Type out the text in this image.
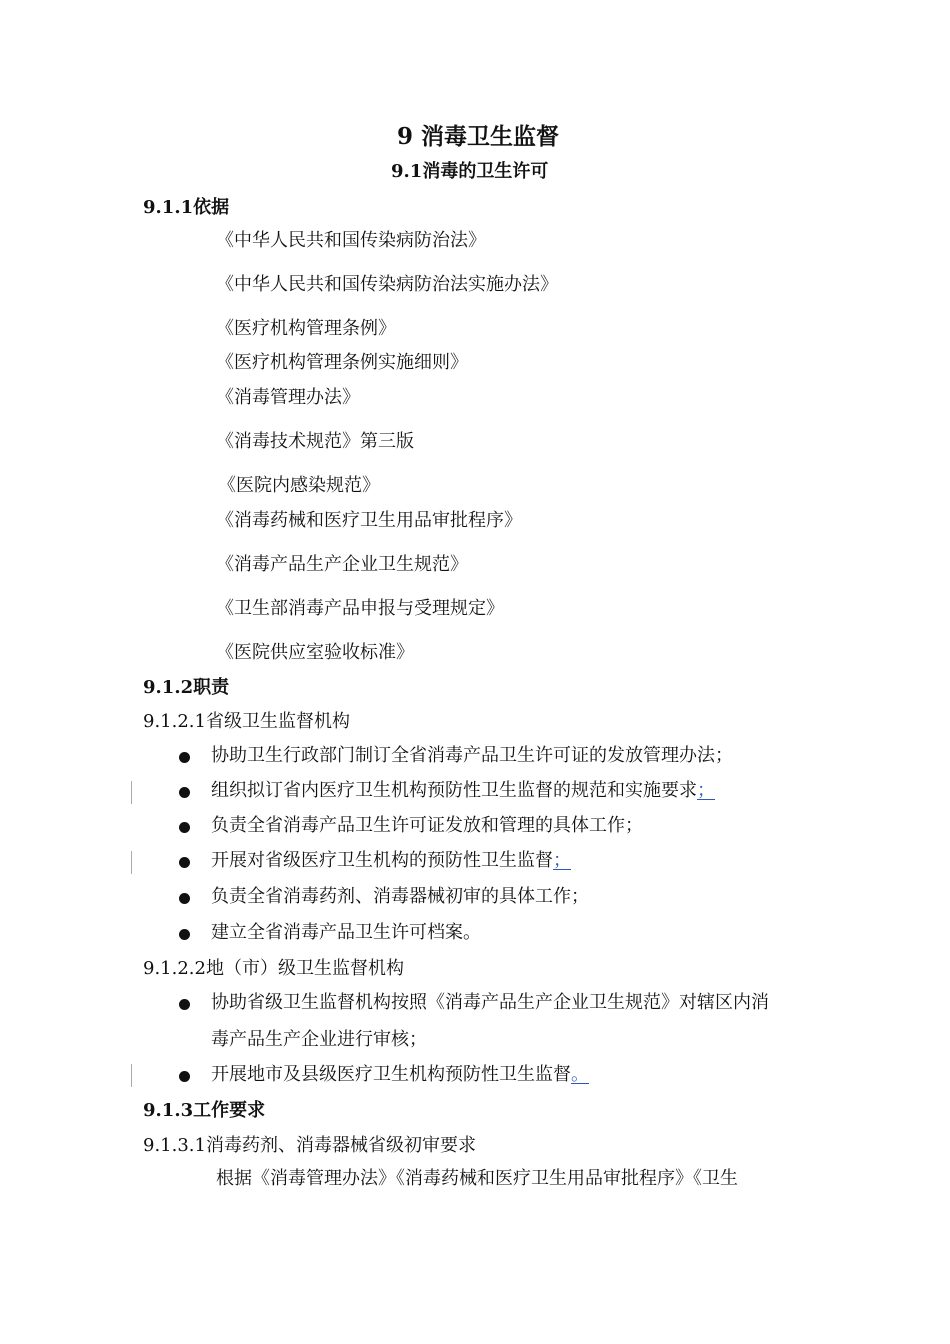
9 消毒卫生监督
9.1消毒的卫生许可
9.1.1依据
《中华人民共和国传染病防治法》
《中华人民共和国传染病防治法实施办法》
《医疗机构管理条例》
《医疗机构管理条例实施细则》
《消毒管理办法》
《消毒技术规范》第三版
《医院内感染规范》
《消毒药械和医疗卫生用品审批程序》
《消毒产品生产企业卫生规范》
《卫生部消毒产品申报与受理规定》
《医院供应室验收标准》
9.1.2职责
9.1.2.1省级卫生监督机构
协助卫生行政部门制订全省消毒产品卫生许可证的发放管理办法；
组织拟订省内医疗卫生机构预防性卫生监督的规范和实施要求；
负责全省消毒产品卫生许可证发放和管理的具体工作；
开展对省级医疗卫生机构的预防性卫生监督；
负责全省消毒药剂、消毒器械初审的具体工作；
建立全省消毒产品卫生许可档案。
9.1.2.2地（市）级卫生监督机构
协助省级卫生监督机构按照《消毒产品生产企业卫生规范》对辖区内消
毒产品生产企业进行审核；
开展地市及县级医疗卫生机构预防性卫生监督。
9.1.3工作要求
9.1.3.1消毒药剂、消毒器械省级初审要求
根据《消毒管理办法》《消毒药械和医疗卫生用品审批程序》《卫生
